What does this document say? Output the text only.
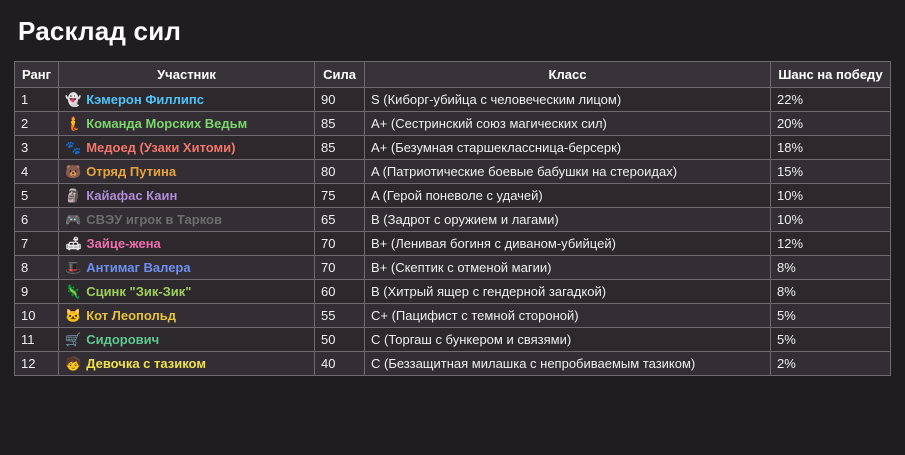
Расклад сил
Ранг	Участник	Сила	Класс	Шанс на победу
1	👻 Кэмерон Филлипс	90	S (Киборг-убийца с человеческим лицом)	22%
2	🧜 Команда Морских Ведьм	85	A+ (Сестринский союз магических сил)	20%
3	🐾 Медоед (Узаки Хитоми)	85	A+ (Безумная старшеклассница-берсерк)	18%
4	🐻 Отряд Путина	80	A (Патриотические боевые бабушки на стероидах)	15%
5	🗿 Кайафас Каин	75	A (Герой поневоле с удачей)	10%
6	🎮 СВЭУ игрок в Тарков	65	B (Задрот с оружием и лагами)	10%
7	🛋 Зайце-жена	70	B+ (Ленивая богиня с диваном-убийцей)	12%
8	🎩 Антимаг Валера	70	B+ (Скептик с отменой магии)	8%
9	🦎 Сцинк "Зик-Зик"	60	B (Хитрый ящер с гендерной загадкой)	8%
10	🐱 Кот Леопольд	55	C+ (Пацифист с темной стороной)	5%
11	🛒 Сидорович	50	C (Торгаш с бункером и связями)	5%
12	🧒 Девочка с тазиком	40	C (Беззащитная милашка с непробиваемым тазиком)	2%
